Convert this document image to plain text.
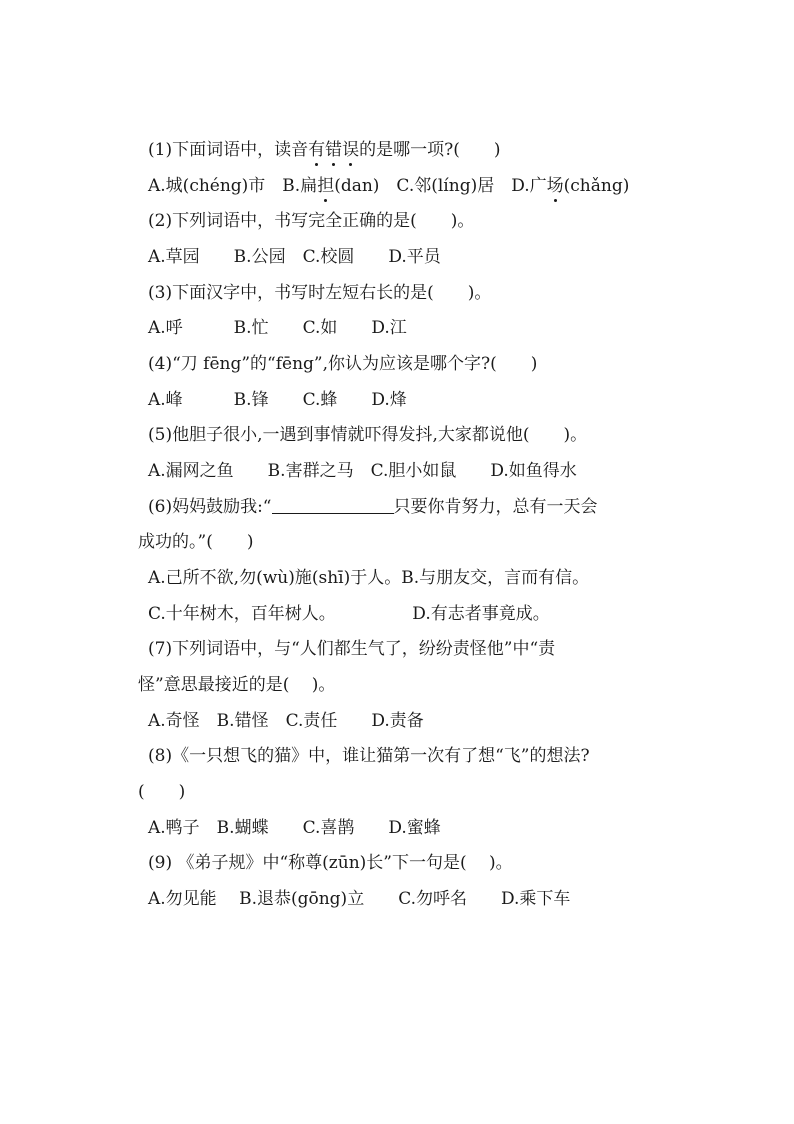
(1)下面词语中，读音有错误的是哪一项?(　　)
A.城(chéng)市　B.扁担(dan)　C.邻(líng)居　D.广场(chǎng)
(2)下列词语中，书写完全正确的是(　　)。
A.草园　　B.公园　C.校圆　　D.平员
(3)下面汉字中，书写时左短右长的是(　　)。
A.呼　　　B.忙　　C.如　　D.江
(4)“刀 fēng”的“fēng”,你认为应该是哪个字?(　　)
A.峰　　　B.锋　　C.蜂　　D.烽
(5)他胆子很小,一遇到事情就吓得发抖,大家都说他(　　)。
A.漏网之鱼　　B.害群之马　C.胆小如鼠　　D.如鱼得水
(6)妈妈鼓励我:“	只要你肯努力，总有一天会
成功的。”(　　)
A.己所不欲,勿(wù)施(shī)于人。B.与朋友交，言而有信。
C.十年树木，百年树人。　　　　　D.有志者事竟成。
(7)下列词语中，与“人们都生气了，纷纷责怪他”中“责
怪”意思最接近的是(　 )。
A.奇怪　B.错怪　C.责任　　D.责备
(8)《一只想飞的猫》中，谁让猫第一次有了想“飞”的想法?
(　　)
A.鸭子　B.蝴蝶　　C.喜鹊　　D.蜜蜂
(9) 《弟子规》中“称尊(zūn)长”下一句是(　 )。
A.勿见能　 B.退恭(gōng)立　　C.勿呼名　　D.乘下车
